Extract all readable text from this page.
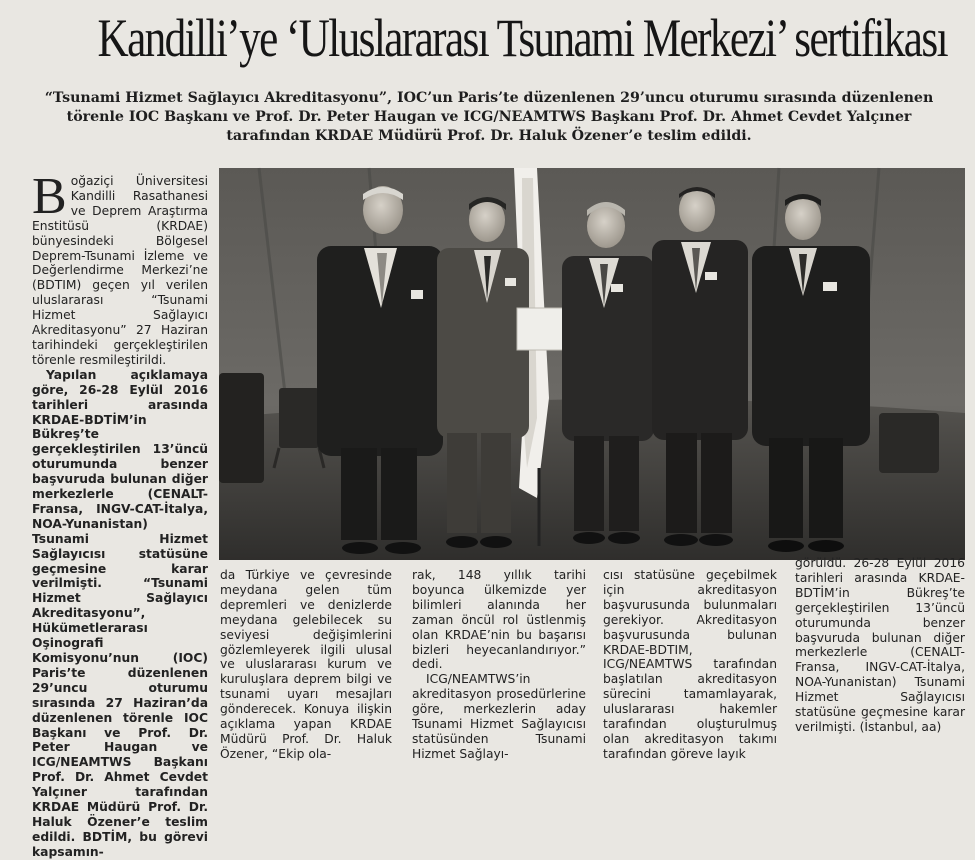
Kandilli’ye ‘Uluslararası Tsunami Merkezi’ sertifikası
“Tsunami Hizmet Sağlayıcı Akreditasyonu”, IOC’un Paris’te düzenlenen 29’uncu oturumu sırasında düzenlenen törenle IOC Başkanı ve Prof. Dr. Peter Haugan ve ICG/NEAMTWS Başkanı Prof. Dr. Ahmet Cevdet Yalçıner tarafından KRDAE Müdürü Prof. Dr. Haluk Özener’e teslim edildi.

Boğaziçi Üniversitesi Kandilli Rasathanesi ve Deprem Araştırma Enstitüsü (KRDAE) bünyesindeki Bölgesel Deprem-Tsunami İzleme ve Değerlendirme Merkezi’ne (BDTIM) geçen yıl verilen uluslararası “Tsunami Hizmet Sağlayıcı Akreditasyonu” 27 Haziran tarihindeki gerçekleştirilen törenle resmileştirildi.

Yapılan açıklamaya göre, 26-28 Eylül 2016 tarihleri arasında KRDAE-BDTİM’in Bükreş’te gerçekleştirilen 13’üncü oturumunda benzer başvuruda bulunan diğer merkezlerle (CENALT-Fransa, INGV-CAT-İtalya, NOA-Yunanistan) Tsunami Hizmet Sağlayıcısı statüsüne geçmesine karar verilmişti. “Tsunami Hizmet Sağlayıcı Akreditasyonu”, Hükümetlerarası Oşinografi Komisyonu’nun (IOC) Paris’te düzenlenen 29’uncu oturumu sırasında 27 Haziran’da düzenlenen törenle IOC Başkanı ve Prof. Dr. Peter Haugan ve ICG/NEAMTWS Başkanı Prof. Dr. Ahmet Cevdet Yalçıner tarafından KRDAE Müdürü Prof. Dr. Haluk Özener’e teslim edildi. BDTİM, bu görevi kapsamın-

da Türkiye ve çevresinde meydana gelen tüm depremleri ve denizlerde meydana gelebilecek su seviyesi değişimlerini gözlemleyerek ilgili ulusal ve uluslararası kurum ve kuruluşlara deprem bilgi ve tsunami uyarı mesajları gönderecek. Konuya ilişkin açıklama yapan KRDAE Müdürü Prof. Dr. Haluk Özener, “Ekip ola-

rak, 148 yıllık tarihi boyunca ülkemizde yer bilimleri alanında her zaman öncül rol üstlenmiş olan KRDAE’nin bu başarısı bizleri heyecanlandırıyor.” dedi.

ICG/NEAMTWS’in akreditasyon prosedürlerine göre, merkezlerin aday Tsunami Hizmet Sağlayıcısı statüsünden Tsunami Hizmet Sağlayı-

cısı statüsüne geçebilmek için akreditasyon başvurusunda bulunmaları gerekiyor. Akreditasyon başvurusunda bulunan KRDAE-BDTIM, ICG/NEAMTWS tarafından başlatılan akreditasyon sürecini tamamlayarak, uluslararası hakemler tarafından oluşturulmuş olan akreditasyon takımı tarafından göreve layık

görüldü. 26-28 Eylül 2016 tarihleri arasında KRDAE-BDTİM’in Bükreş’te gerçekleştirilen 13’üncü oturumunda benzer başvuruda bulunan diğer merkezlerle (CENALT-Fransa, INGV-CAT-İtalya, NOA-Yunanistan) Tsunami Hizmet Sağlayıcısı statüsüne geçmesine karar verilmişti. (İstanbul, aa)
